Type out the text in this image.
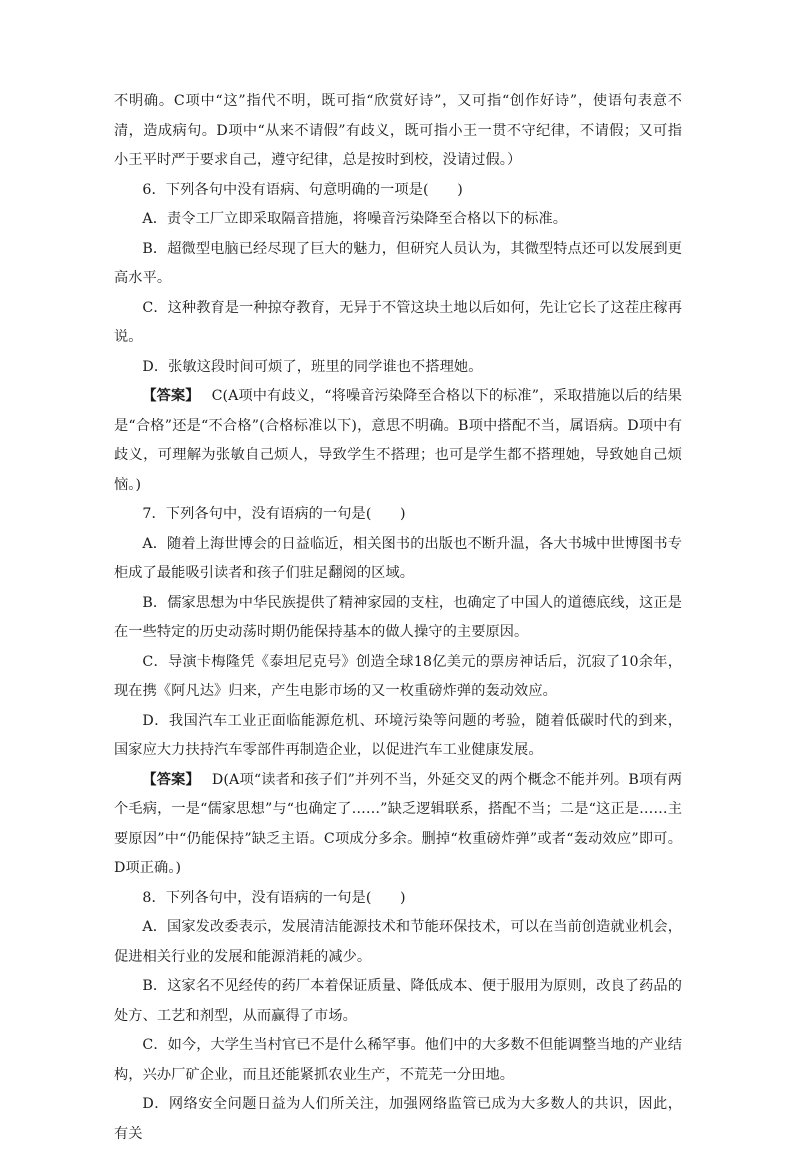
不明确。C项中“这”指代不明，既可指“欣赏好诗”，又可指“创作好诗”，使语句表意不清，造成病句。D项中“从来不请假”有歧义，既可指小王一贯不守纪律，不请假；又可指小王平时严于要求自己，遵守纪律，总是按时到校，没请过假。）

6．下列各句中没有语病、句意明确的一项是(　　)

A．责令工厂立即采取隔音措施，将噪音污染降至合格以下的标准。

B．超微型电脑已经尽现了巨大的魅力，但研究人员认为，其微型特点还可以发展到更高水平。

C．这种教育是一种掠夺教育，无异于不管这块土地以后如何，先让它长了这茬庄稼再说。

D．张敏这段时间可烦了，班里的同学谁也不搭理她。

【答案】 C(A项中有歧义，“将噪音污染降至合格以下的标准”，采取措施以后的结果是“合格”还是“不合格”(合格标准以下)，意思不明确。B项中搭配不当，属语病。D项中有歧义，可理解为张敏自己烦人，导致学生不搭理；也可是学生都不搭理她，导致她自己烦恼。)

7．下列各句中，没有语病的一句是(　　)

A．随着上海世博会的日益临近，相关图书的出版也不断升温，各大书城中世博图书专柜成了最能吸引读者和孩子们驻足翻阅的区域。

B．儒家思想为中华民族提供了精神家园的支柱，也确定了中国人的道德底线，这正是在一些特定的历史动荡时期仍能保持基本的做人操守的主要原因。

C．导演卡梅隆凭《泰坦尼克号》创造全球18亿美元的票房神话后，沉寂了10余年，现在携《阿凡达》归来，产生电影市场的又一枚重磅炸弹的轰动效应。

D．我国汽车工业正面临能源危机、环境污染等问题的考验，随着低碳时代的到来，国家应大力扶持汽车零部件再制造企业，以促进汽车工业健康发展。

【答案】 D(A项“读者和孩子们”并列不当，外延交叉的两个概念不能并列。B项有两个毛病，一是“儒家思想”与“也确定了……”缺乏逻辑联系，搭配不当；二是“这正是……主要原因”中“仍能保持”缺乏主语。C项成分多余。删掉“枚重磅炸弹”或者“轰动效应”即可。D项正确。)

8．下列各句中，没有语病的一句是(　　)

A．国家发改委表示，发展清洁能源技术和节能环保技术，可以在当前创造就业机会，促进相关行业的发展和能源消耗的减少。

B．这家名不见经传的药厂本着保证质量、降低成本、便于服用为原则，改良了药品的处方、工艺和剂型，从而赢得了市场。

C．如今，大学生当村官已不是什么稀罕事。他们中的大多数不但能调整当地的产业结构，兴办厂矿企业，而且还能紧抓农业生产，不荒芜一分田地。

D．网络安全问题日益为人们所关注，加强网络监管已成为大多数人的共识，因此，有关
